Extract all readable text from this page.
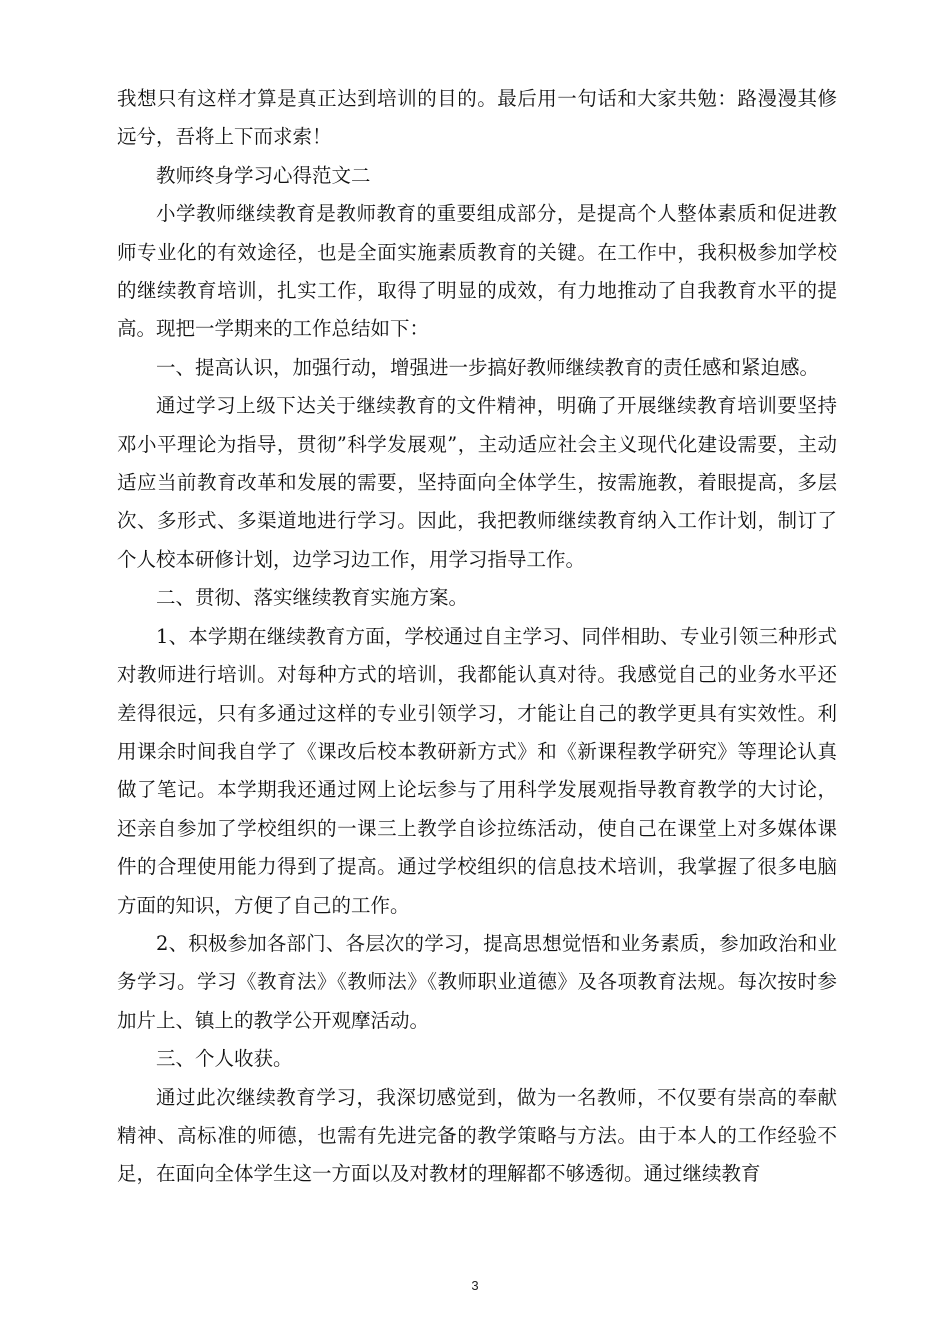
我想只有这样才算是真正达到培训的目的。最后用一句话和大家共勉：路漫漫其修远兮，吾将上下而求索！

教师终身学习心得范文二

小学教师继续教育是教师教育的重要组成部分，是提高个人整体素质和促进教师专业化的有效途径，也是全面实施素质教育的关键。在工作中，我积极参加学校的继续教育培训，扎实工作，取得了明显的成效，有力地推动了自我教育水平的提高。现把一学期来的工作总结如下：

一、提高认识，加强行动，增强进一步搞好教师继续教育的责任感和紧迫感。

通过学习上级下达关于继续教育的文件精神，明确了开展继续教育培训要坚持邓小平理论为指导，贯彻”科学发展观”，主动适应社会主义现代化建设需要，主动适应当前教育改革和发展的需要，坚持面向全体学生，按需施教，着眼提高，多层次、多形式、多渠道地进行学习。因此，我把教师继续教育纳入工作计划，制订了个人校本研修计划，边学习边工作，用学习指导工作。

二、贯彻、落实继续教育实施方案。

1、本学期在继续教育方面，学校通过自主学习、同伴相助、专业引领三种形式对教师进行培训。对每种方式的培训，我都能认真对待。我感觉自己的业务水平还差得很远，只有多通过这样的专业引领学习，才能让自己的教学更具有实效性。利用课余时间我自学了《课改后校本教研新方式》和《新课程教学研究》等理论认真做了笔记。本学期我还通过网上论坛参与了用科学发展观指导教育教学的大讨论，还亲自参加了学校组织的一课三上教学自诊拉练活动，使自己在课堂上对多媒体课件的合理使用能力得到了提高。通过学校组织的信息技术培训，我掌握了很多电脑方面的知识，方便了自己的工作。

2、积极参加各部门、各层次的学习，提高思想觉悟和业务素质，参加政治和业务学习。学习《教育法》《教师法》《教师职业道德》及各项教育法规。每次按时参加片上、镇上的教学公开观摩活动。

三、个人收获。

通过此次继续教育学习，我深切感觉到，做为一名教师，不仅要有崇高的奉献精神、高标准的师德，也需有先进完备的教学策略与方法。由于本人的工作经验不足，在面向全体学生这一方面以及对教材的理解都不够透彻。通过继续教育

3
